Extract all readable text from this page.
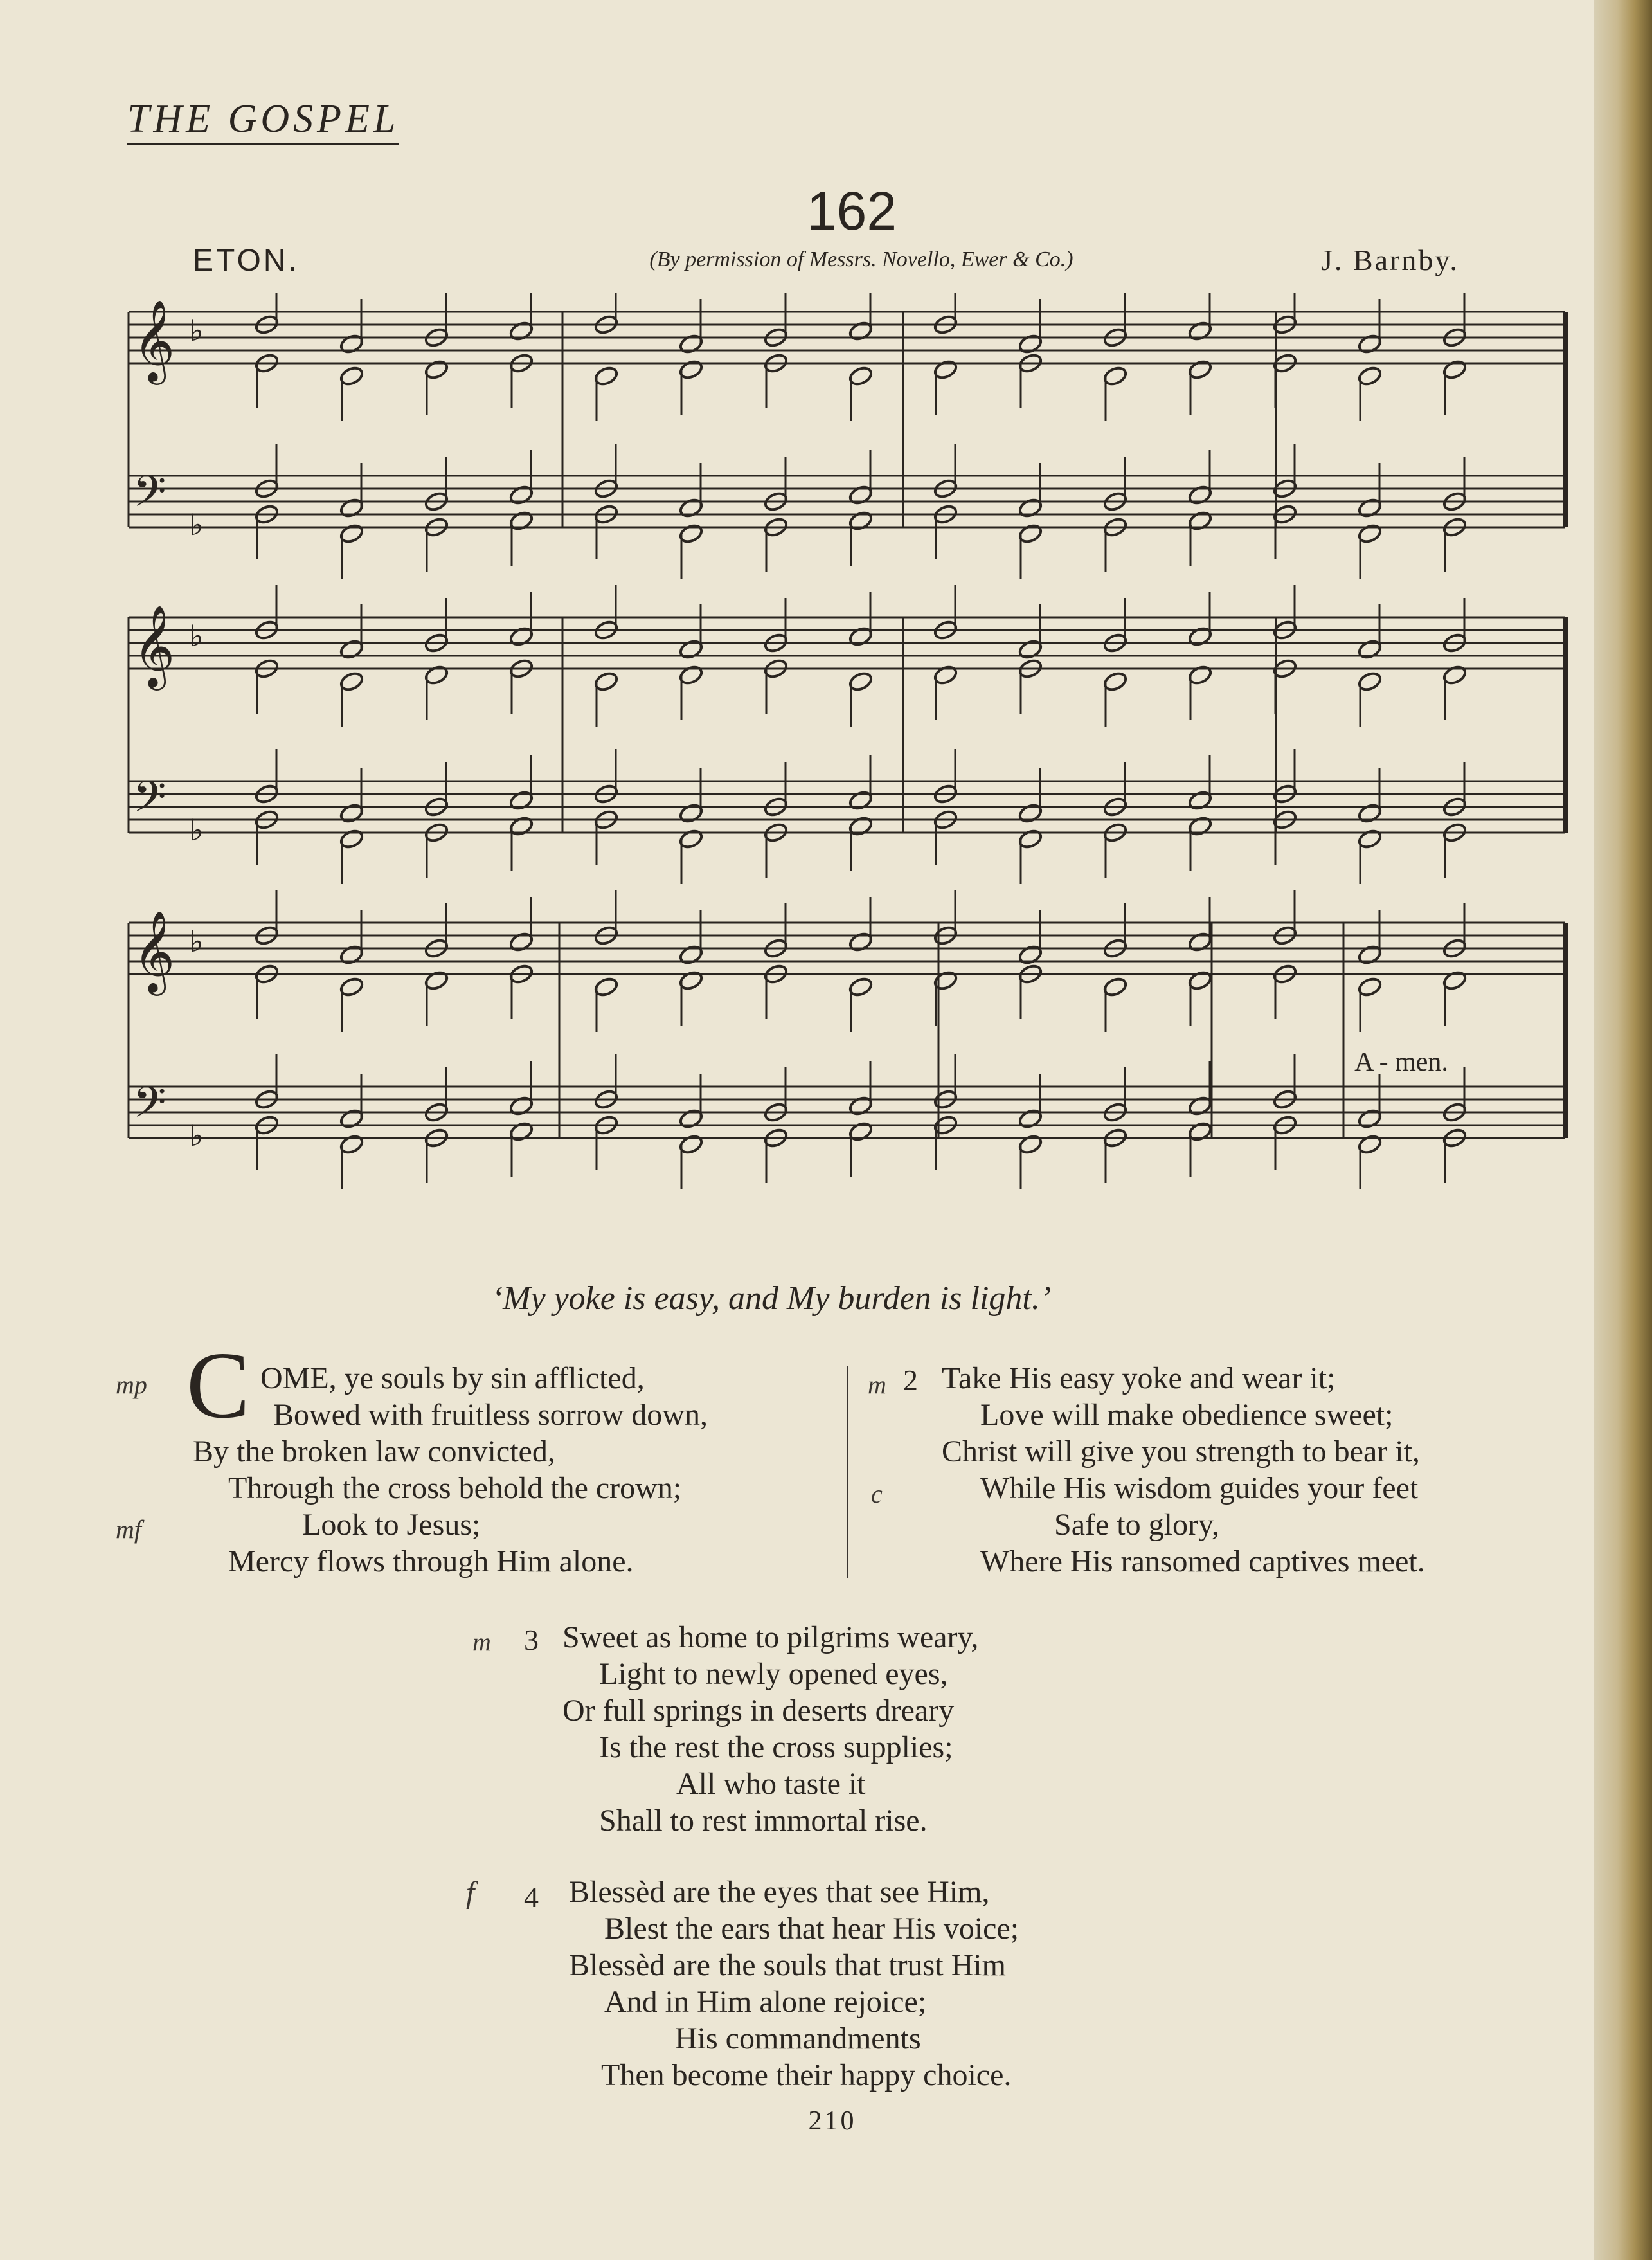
THE GOSPEL
162
ETON.	(By permission of Messrs. Novello, Ewer & Co.)	J. Barnby.
𝄞 ♭
𝄢 ♭
𝄞 ♭
𝄢 ♭
𝄞 ♭
𝄢 ♭
A - men.
‘My yoke is easy, and My burden is light.’
mp C OME, ye souls by sin afflicted,
Bowed with fruitless sorrow down,
By the broken law convicted,
Through the cross behold the crown;
mf	Look to Jesus;
Mercy flows through Him alone.
m 2 Take His easy yoke and wear it;
Love will make obedience sweet;
Christ will give you strength to bear it,
c	While His wisdom guides your feet
Safe to glory,
Where His ransomed captives meet.
m 3 Sweet as home to pilgrims weary,
Light to newly opened eyes,
Or full springs in deserts dreary
Is the rest the cross supplies;
All who taste it
Shall to rest immortal rise.
f 4 Blessèd are the eyes that see Him,
Blest the ears that hear His voice;
Blessèd are the souls that trust Him
And in Him alone rejoice;
His commandments
Then become their happy choice.
210
